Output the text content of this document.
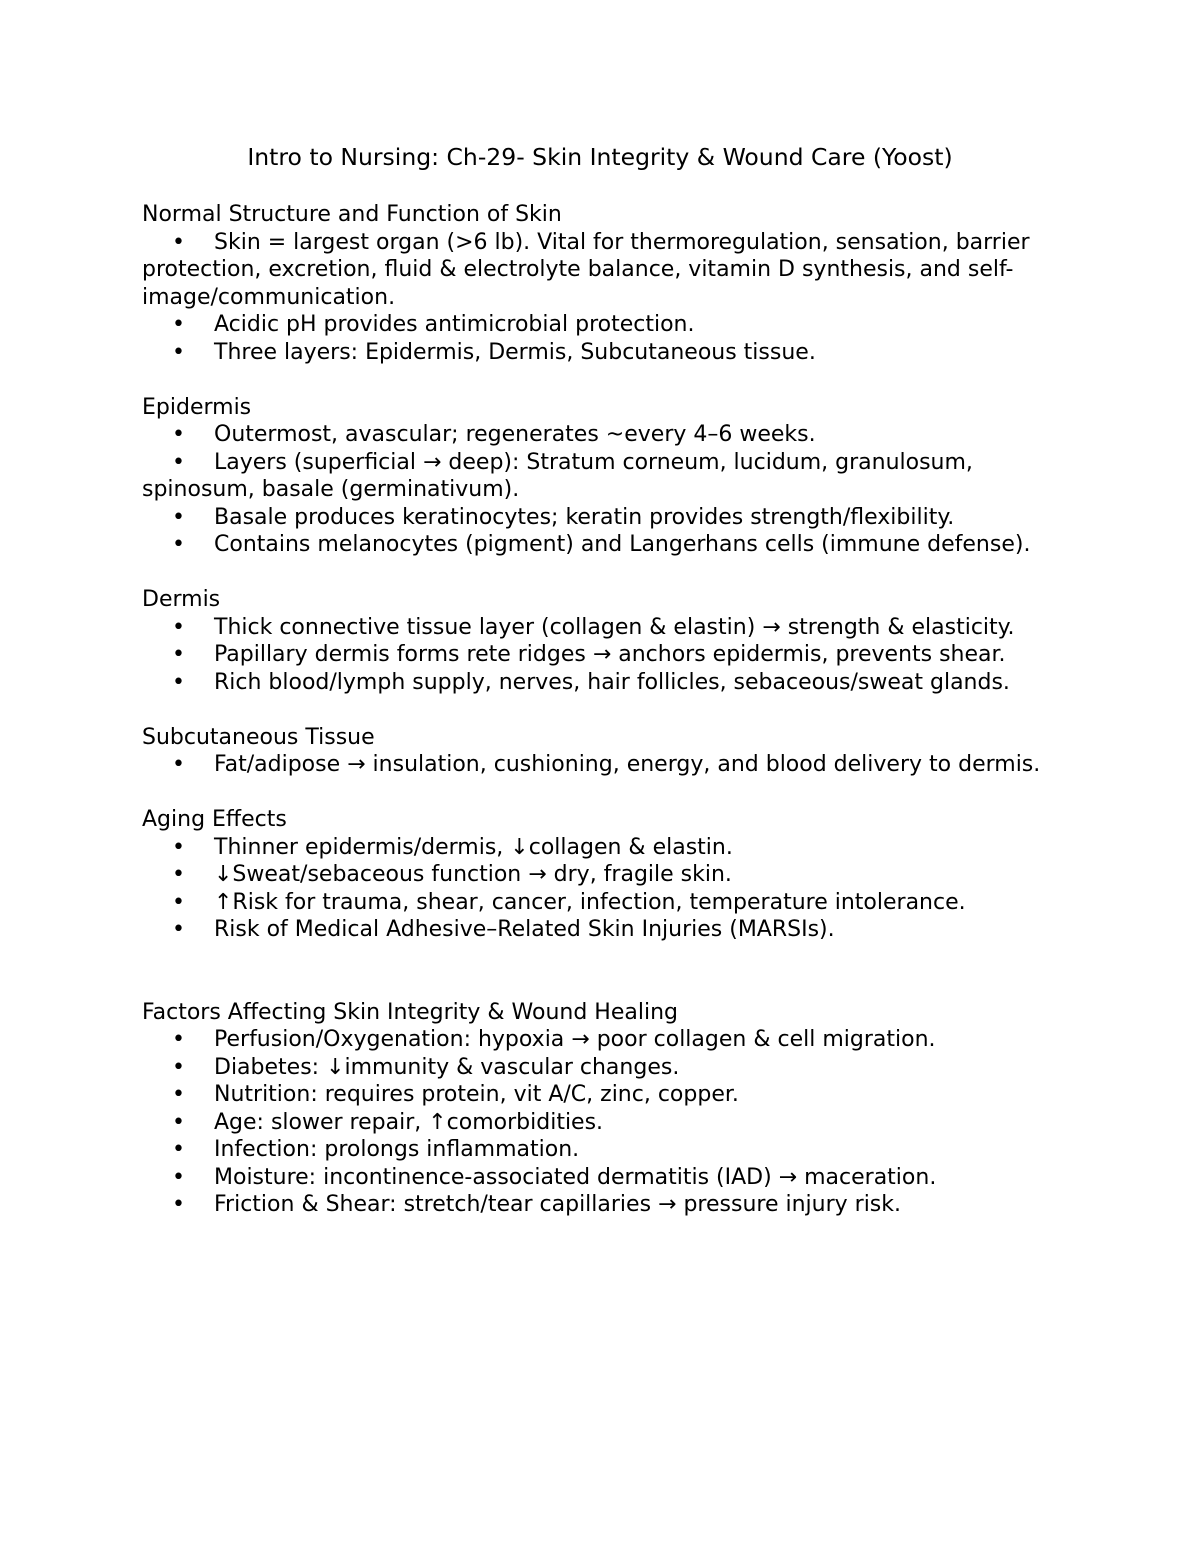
Intro to Nursing: Ch-29- Skin Integrity & Wound Care (Yoost)
Normal Structure and Function of Skin
• Skin = largest organ (>6 lb). Vital for thermoregulation, sensation, barrier protection, excretion, fluid & electrolyte balance, vitamin D synthesis, and self-image/communication.
• Acidic pH provides antimicrobial protection.
• Three layers: Epidermis, Dermis, Subcutaneous tissue.
Epidermis
• Outermost, avascular; regenerates ~every 4–6 weeks.
• Layers (superficial → deep): Stratum corneum, lucidum, granulosum, spinosum, basale (germinativum).
• Basale produces keratinocytes; keratin provides strength/flexibility.
• Contains melanocytes (pigment) and Langerhans cells (immune defense).
Dermis
• Thick connective tissue layer (collagen & elastin) → strength & elasticity.
• Papillary dermis forms rete ridges → anchors epidermis, prevents shear.
• Rich blood/lymph supply, nerves, hair follicles, sebaceous/sweat glands.
Subcutaneous Tissue
• Fat/adipose → insulation, cushioning, energy, and blood delivery to dermis.
Aging Effects
• Thinner epidermis/dermis, ↓collagen & elastin.
• ↓Sweat/sebaceous function → dry, fragile skin.
• ↑Risk for trauma, shear, cancer, infection, temperature intolerance.
• Risk of Medical Adhesive–Related Skin Injuries (MARSIs).
Factors Affecting Skin Integrity & Wound Healing
• Perfusion/Oxygenation: hypoxia → poor collagen & cell migration.
• Diabetes: ↓immunity & vascular changes.
• Nutrition: requires protein, vit A/C, zinc, copper.
• Age: slower repair, ↑comorbidities.
• Infection: prolongs inflammation.
• Moisture: incontinence-associated dermatitis (IAD) → maceration.
• Friction & Shear: stretch/tear capillaries → pressure injury risk.
